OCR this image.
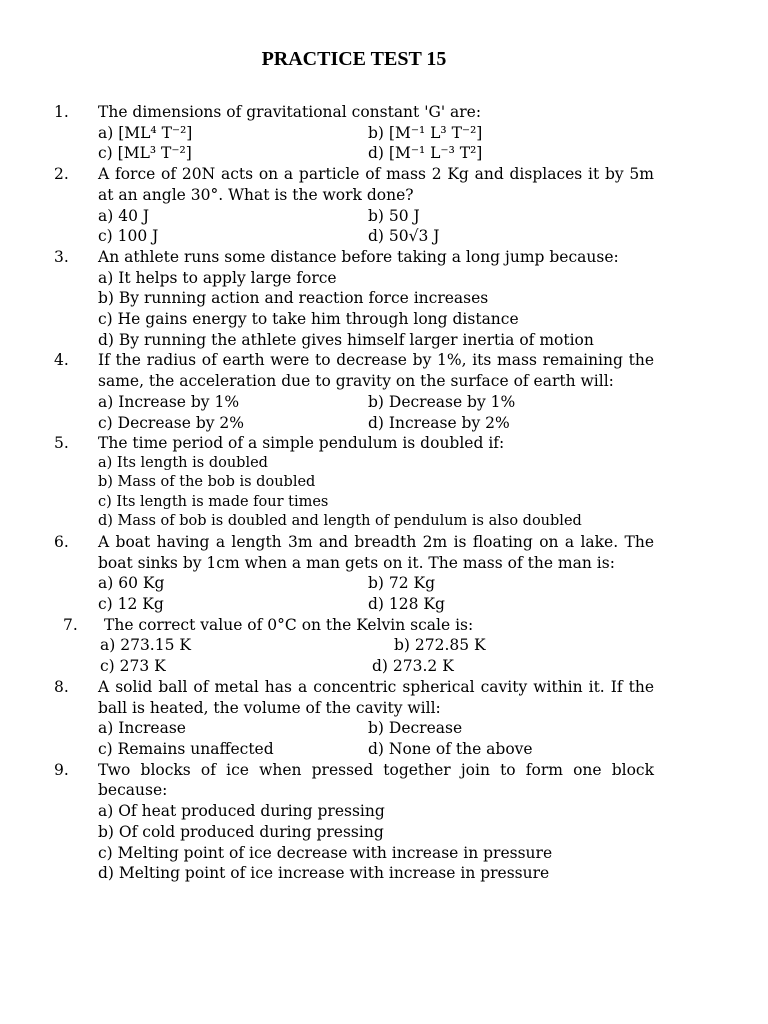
PRACTICE TEST 15
1. The dimensions of gravitational constant 'G' are:
a) [ML⁴ T⁻²]	b) [M⁻¹ L³ T⁻²]
c) [ML³ T⁻²]	d) [M⁻¹ L⁻³ T²]
2. A force of 20N acts on a particle of mass 2 Kg and displaces it by 5m at an angle 30°. What is the work done?
a) 40 J	b) 50 J
c) 100 J	d) 50√3 J
3. An athlete runs some distance before taking a long jump because:
a) It helps to apply large force
b) By running action and reaction force increases
c) He gains energy to take him through long distance
d) By running the athlete gives himself larger inertia of motion
4. If the radius of earth were to decrease by 1%, its mass remaining the same, the acceleration due to gravity on the surface of earth will:
a) Increase by 1%	b) Decrease by 1%
c) Decrease by 2%	d) Increase by 2%
5. The time period of a simple pendulum is doubled if:
a) Its length is doubled
b) Mass of the bob is doubled
c) Its length is made four times
d) Mass of bob is doubled and length of pendulum is also doubled
6. A boat having a length 3m and breadth 2m is floating on a lake. The boat sinks by 1cm when a man gets on it. The mass of the man is:
a) 60 Kg	b) 72 Kg
c) 12 Kg	d) 128 Kg
7. The correct value of 0°C on the Kelvin scale is:
a) 273.15 K	b) 272.85 K
c) 273 K	d) 273.2 K
8. A solid ball of metal has a concentric spherical cavity within it. If the ball is heated, the volume of the cavity will:
a) Increase	b) Decrease
c) Remains unaffected	d) None of the above
9. Two blocks of ice when pressed together join to form one block because:
a) Of heat produced during pressing
b) Of cold produced during pressing
c) Melting point of ice decrease with increase in pressure
d) Melting point of ice increase with increase in pressure
